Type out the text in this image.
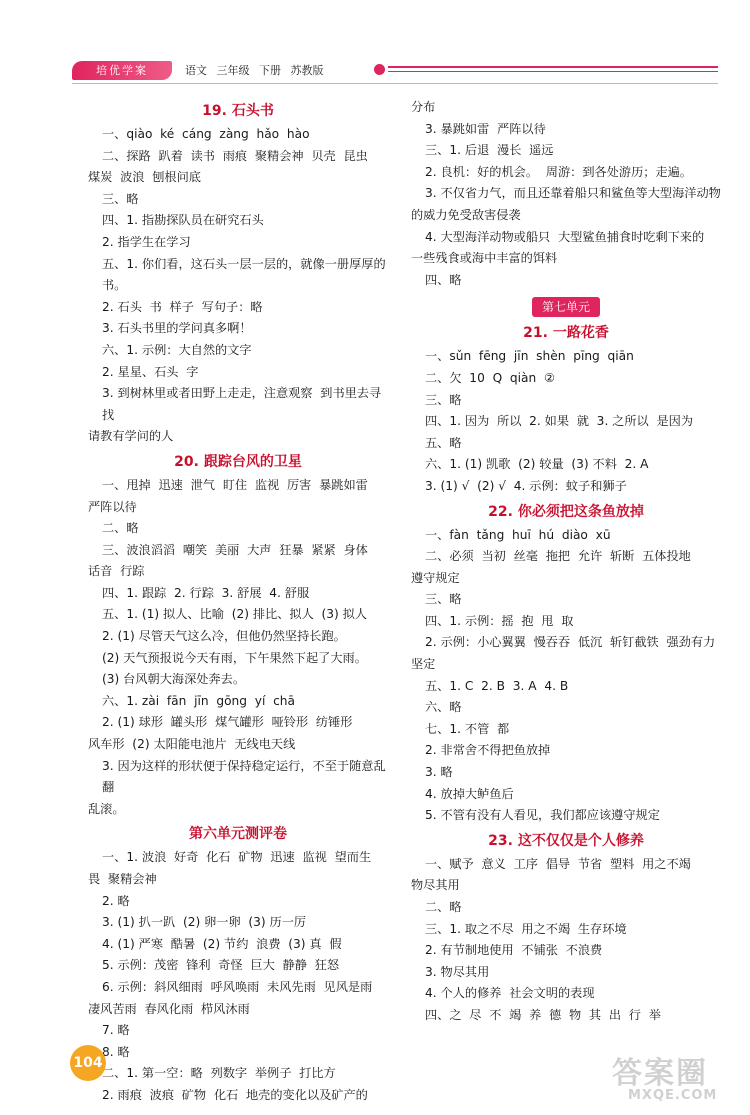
培优学案	语文 三年级 下册 苏教版
19. 石头书
一、qiào  ké  cáng  zàng  hǎo  hào
二、探路  趴着  读书  雨痕  聚精会神  贝壳  昆虫
煤炭  波浪  刨根问底
三、略
四、1. 指勘探队员在研究石头
2. 指学生在学习
五、1. 你们看，这石头一层一层的，就像一册厚厚的书。
2. 石头  书  样子  写句子：略
3. 石头书里的学问真多啊！
六、1. 示例：大自然的文字
2. 星星、石头  字
3. 到树林里或者田野上走走，注意观察  到书里去寻找
请教有学问的人
20. 跟踪台风的卫星
一、甩掉  迅速  泄气  盯住  监视  厉害  暴跳如雷
严阵以待
二、略
三、波浪滔滔  嘲笑  美丽  大声  狂暴  紧紧  身体
话音  行踪
四、1. 跟踪  2. 行踪  3. 舒展  4. 舒服
五、1. (1) 拟人、比喻  (2) 排比、拟人  (3) 拟人
2. (1) 尽管天气这么冷，但他仍然坚持长跑。
(2) 天气预报说今天有雨，下午果然下起了大雨。
(3) 台风朝大海深处奔去。
六、1. zài  fān  jīn  gōng  yí  chā
2. (1) 球形  罐头形  煤气罐形  哑铃形  纺锤形
风车形  (2) 太阳能电池片  无线电天线
3. 因为这样的形状便于保持稳定运行，不至于随意乱翻
乱滚。
第六单元测评卷
一、1. 波浪  好奇  化石  矿物  迅速  监视  望而生
畏  聚精会神
2. 略
3. (1) 扒一趴  (2) 卵一卵  (3) 历一厉
4. (1) 严寒  酷暑  (2) 节约  浪费  (3) 真  假
5. 示例：茂密  锋利  奇怪  巨大  静静  狂怒
6. 示例：斜风细雨  呼风唤雨  未风先雨  见风是雨
凄风苦雨  春风化雨  栉风沐雨
7. 略
8. 略
二、1. 第一空：略  列数字  举例子  打比方
2. 雨痕  波痕  矿物  化石  地壳的变化以及矿产的
分布
3. 暴跳如雷  严阵以待
三、1. 后退  漫长  遥远
2. 良机：好的机会。  周游：到各处游历；走遍。
3. 不仅省力气，而且还靠着船只和鲨鱼等大型海洋动物
的威力免受敌害侵袭
4. 大型海洋动物或船只  大型鲨鱼捕食时吃剩下来的
一些残食或海中丰富的饵料
四、略
第七单元
21. 一路花香
一、sǔn  fēng  jīn  shèn  pīng  qiān
二、欠  10  Q  qiàn  ②
三、略
四、1. 因为  所以  2. 如果  就  3. 之所以  是因为
五、略
六、1. (1) 凯歌  (2) 较量  (3) 不料  2. A
3. (1) √  (2) √  4. 示例：蚊子和狮子
22. 你必须把这条鱼放掉
一、fàn  tǎng  huī  hú  diào  xū
二、必须  当初  丝毫  拖把  允许  斩断  五体投地
遵守规定
三、略
四、1. 示例：摇  抱  甩  取
2. 示例：小心翼翼  慢吞吞  低沉  斩钉截铁  强劲有力
坚定
五、1. C  2. B  3. A  4. B
六、略
七、1. 不管  都
2. 非常舍不得把鱼放掉
3. 略
4. 放掉大鲈鱼后
5. 不管有没有人看见，我们都应该遵守规定
23. 这不仅仅是个人修养
一、赋予  意义  工序  倡导  节省  塑料  用之不竭
物尽其用
二、略
三、1. 取之不尽  用之不竭  生存环境
2. 有节制地使用  不铺张  不浪费
3. 物尽其用
4. 个人的修养  社会文明的表现
四、之  尽  不  竭  养  德  物  其  出  行  举
104	答案圈
MXQE.COM
